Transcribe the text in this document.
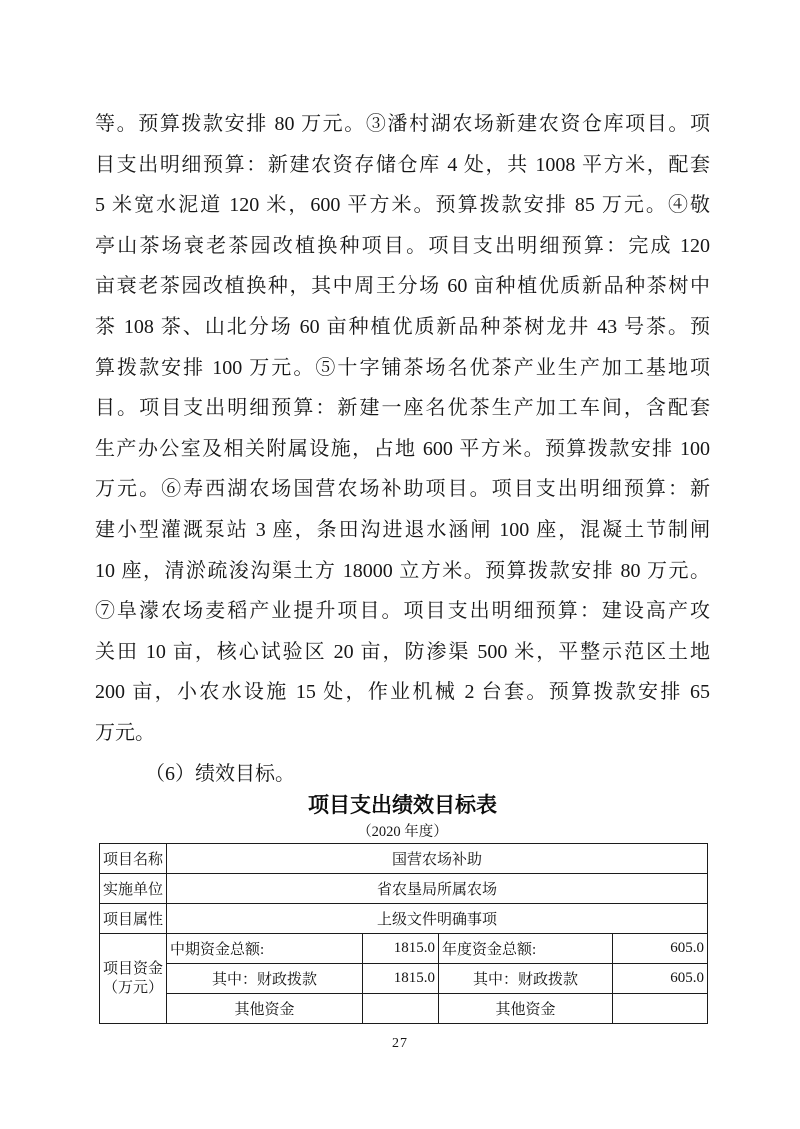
等。预算拨款安排 80 万元。③潘村湖农场新建农资仓库项目。项
目支出明细预算：新建农资存储仓库 4 处，共 1008 平方米，配套
5 米宽水泥道 120 米，600 平方米。预算拨款安排 85 万元。④敬
亭山茶场衰老茶园改植换种项目。项目支出明细预算：完成 120
亩衰老茶园改植换种，其中周王分场 60 亩种植优质新品种茶树中
茶 108 茶、山北分场 60 亩种植优质新品种茶树龙井 43 号茶。预
算拨款安排 100 万元。⑤十字铺茶场名优茶产业生产加工基地项
目。项目支出明细预算：新建一座名优茶生产加工车间，含配套
生产办公室及相关附属设施，占地 600 平方米。预算拨款安排 100
万元。⑥寿西湖农场国营农场补助项目。项目支出明细预算：新
建小型灌溉泵站 3 座，条田沟进退水涵闸 100 座，混凝土节制闸
10 座，清淤疏浚沟渠土方 18000 立方米。预算拨款安排 80 万元。
⑦阜濛农场麦稻产业提升项目。项目支出明细预算：建设高产攻
关田 10 亩，核心试验区 20 亩，防渗渠 500 米，平整示范区土地
200 亩，小农水设施 15 处，作业机械 2 台套。预算拨款安排 65
万元。
（6）绩效目标。
项目支出绩效目标表
（2020 年度）
项目名称	国营农场补助			
实施单位	省农垦局所属农场			
项目属性	上级文件明确事项			

项目资金
（万元）	中期资金总额:	1815.0	年度资金总额:	605.0
	其中：财政拨款	1815.0	其中：财政拨款	605.0
	其他资金		其他资金	
27
